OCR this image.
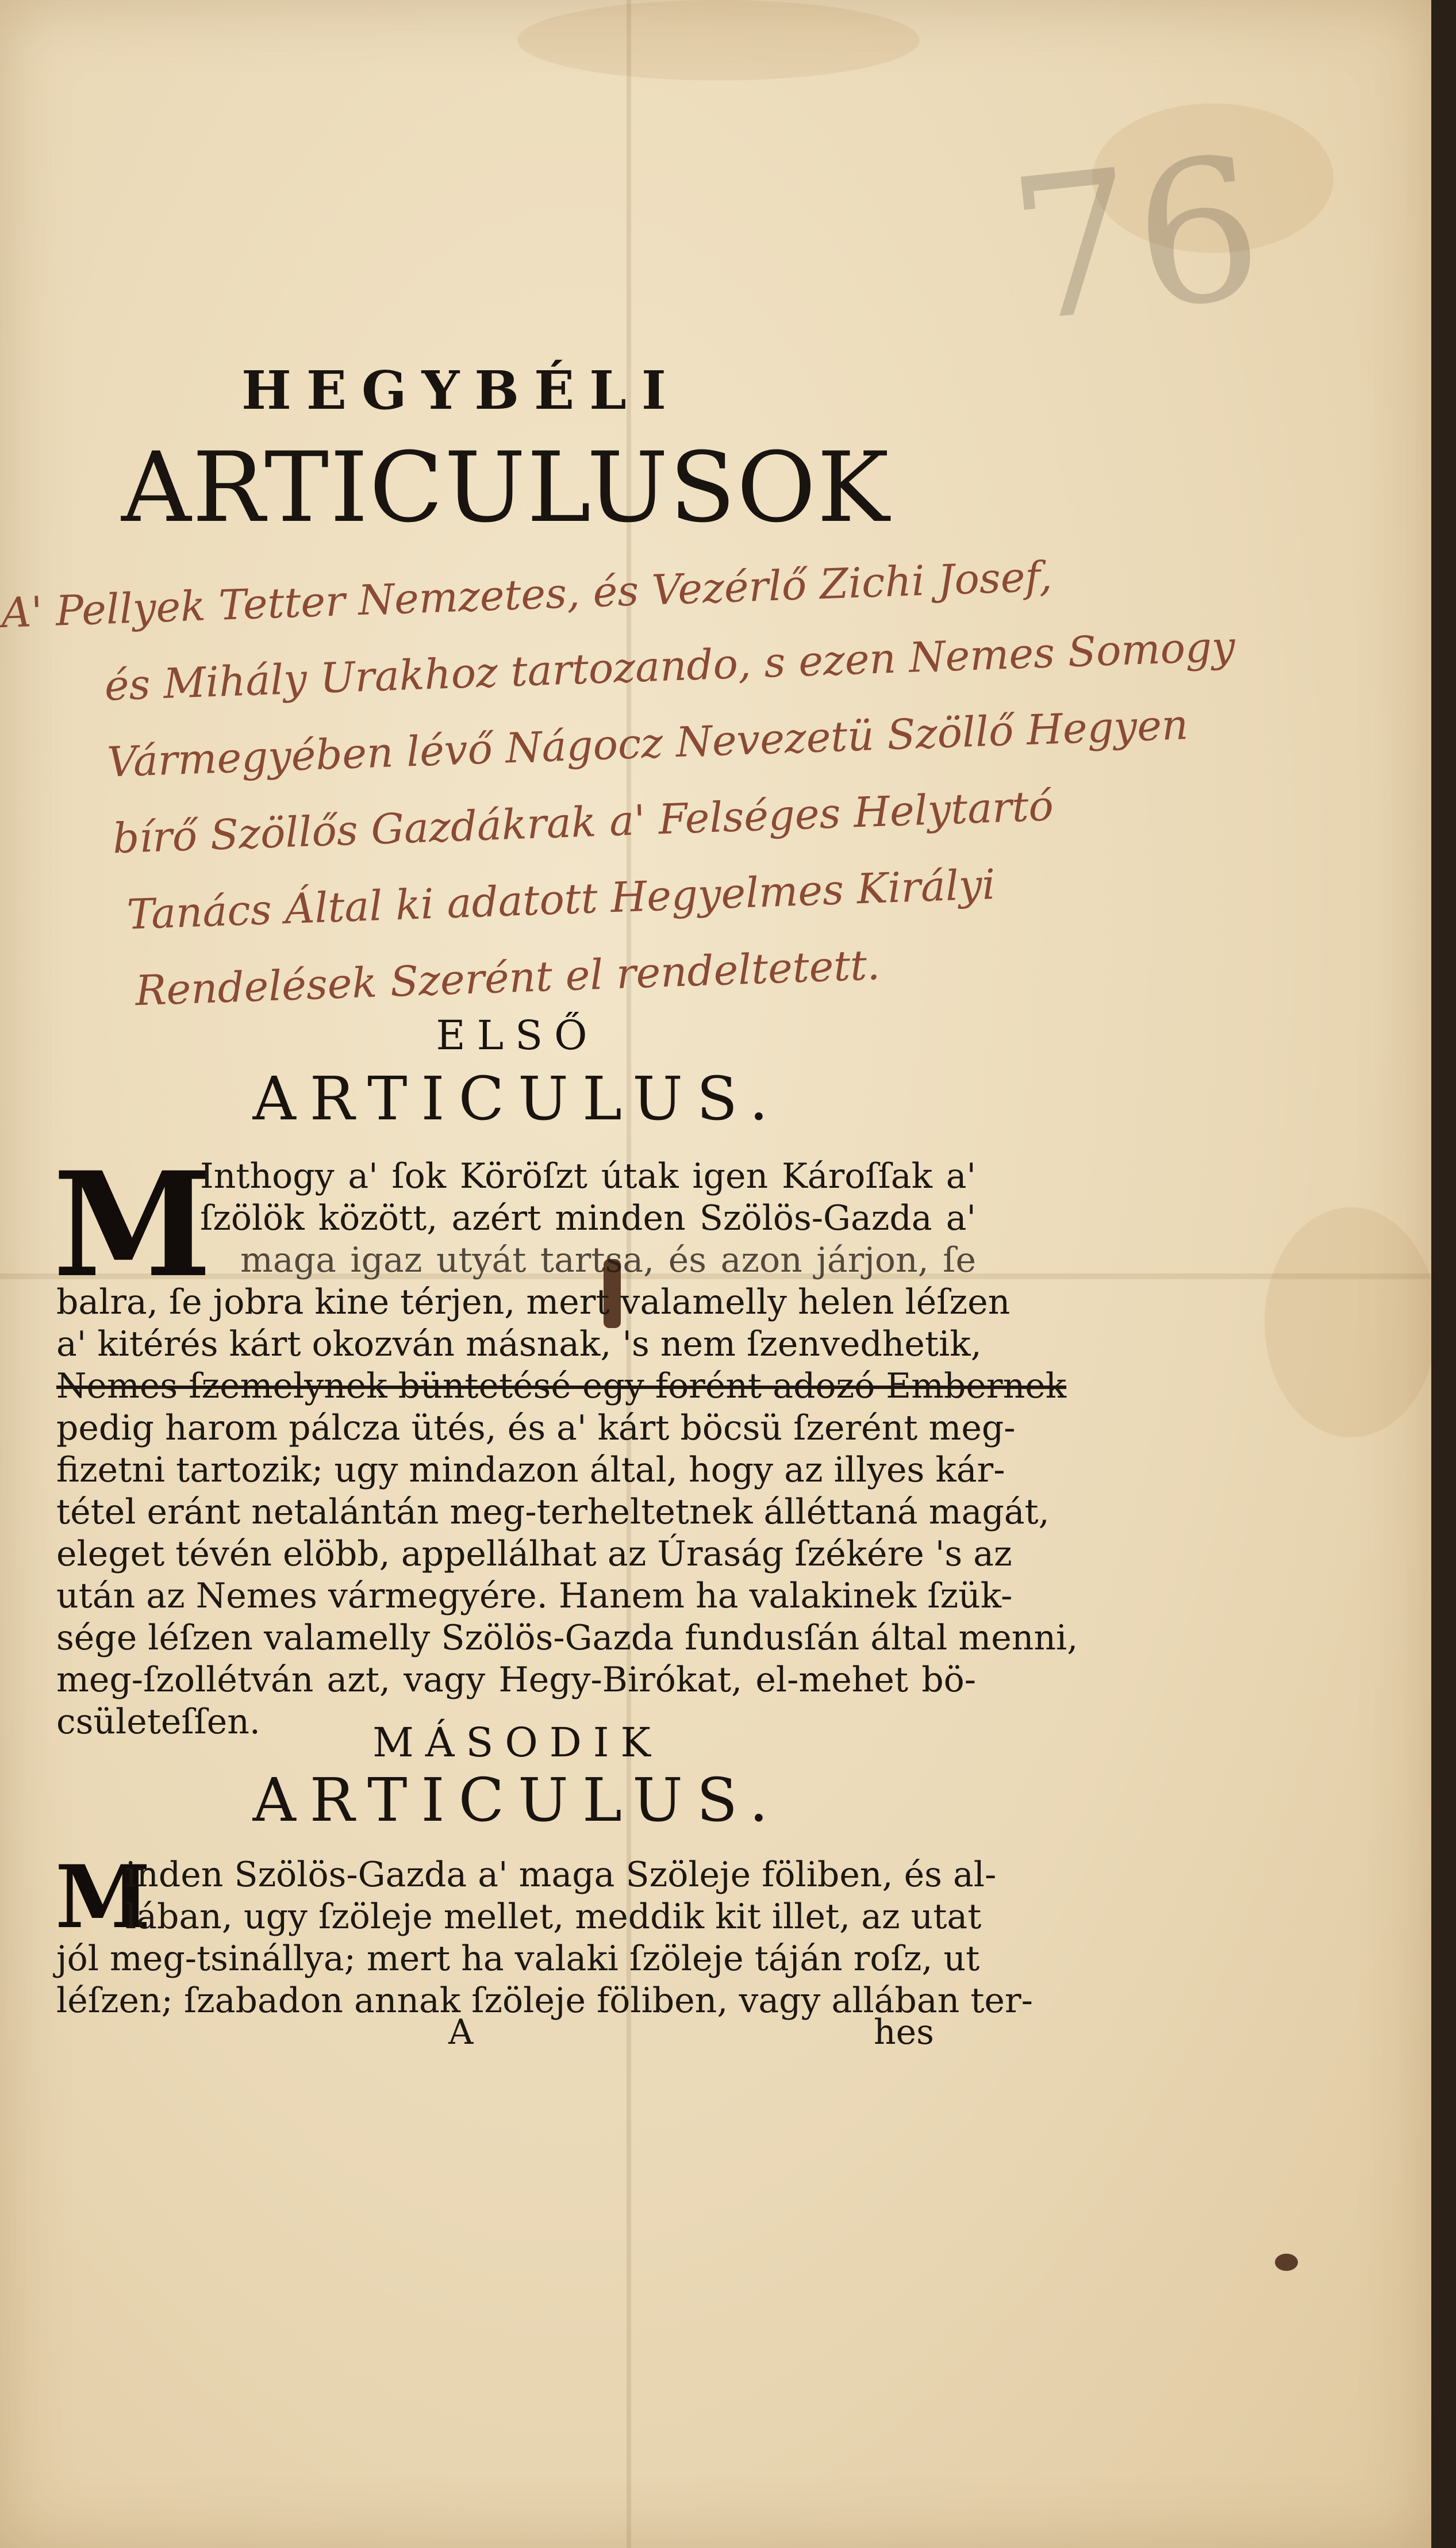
76
HEGYBÉLI
ARTICULUSOK
A' Pellyek Tetter Nemzetes, és Vezérlő Zichi Josef,
és Mihály Urakhoz tartozando, s ezen Nemes Somogy
Vármegyében lévő Nágocz Nevezetü Szöllő Hegyen
bírő Szöllős Gazdákrak a' Felséges Helytartó
Tanács Által ki adatott Hegyelmes Királyi
Rendelések Szerént el rendeltetett.
ELSŐ
ARTICULUS.
M
Inthogy a' ſok Köröſzt útak igen Károſſak a'
ſzölök között, azért minden Szölös-Gazda a'
maga igaz utyát tartsa, és azon járjon, ſe
balra, ſe jobra kine térjen, mert valamelly helen léſzen
a' kitérés kárt okozván másnak, 's nem ſzenvedhetik,
Nemes ſzemelynek büntetésé egy forént adozó Embernek
pedig harom pálcza ütés, és a' kárt böcsü ſzerént meg-
fizetni tartozik; ugy mindazon által, hogy az illyes kár-
tétel eránt netalántán meg-terheltetnek álléttaná magát,
eleget tévén elöbb, appellálhat az Úraság ſzékére 's az
után az Nemes vármegyére. Hanem ha valakinek ſzük-
sége léſzen valamelly Szölös-Gazda fundusſán által menni,
meg-ſzollétván azt, vagy Hegy-Birókat, el-mehet bö-
csületeſſen.	MÁSODIK
ARTICULUS.
M
inden Szölös-Gazda a' maga Szöleje föliben, és al-
lában, ugy ſzöleje mellet, meddik kit illet, az utat
jól meg-tsinállya; mert ha valaki ſzöleje táján roſz, ut
léſzen; ſzabadon annak ſzöleje föliben, vagy allában ter-
A	hes
